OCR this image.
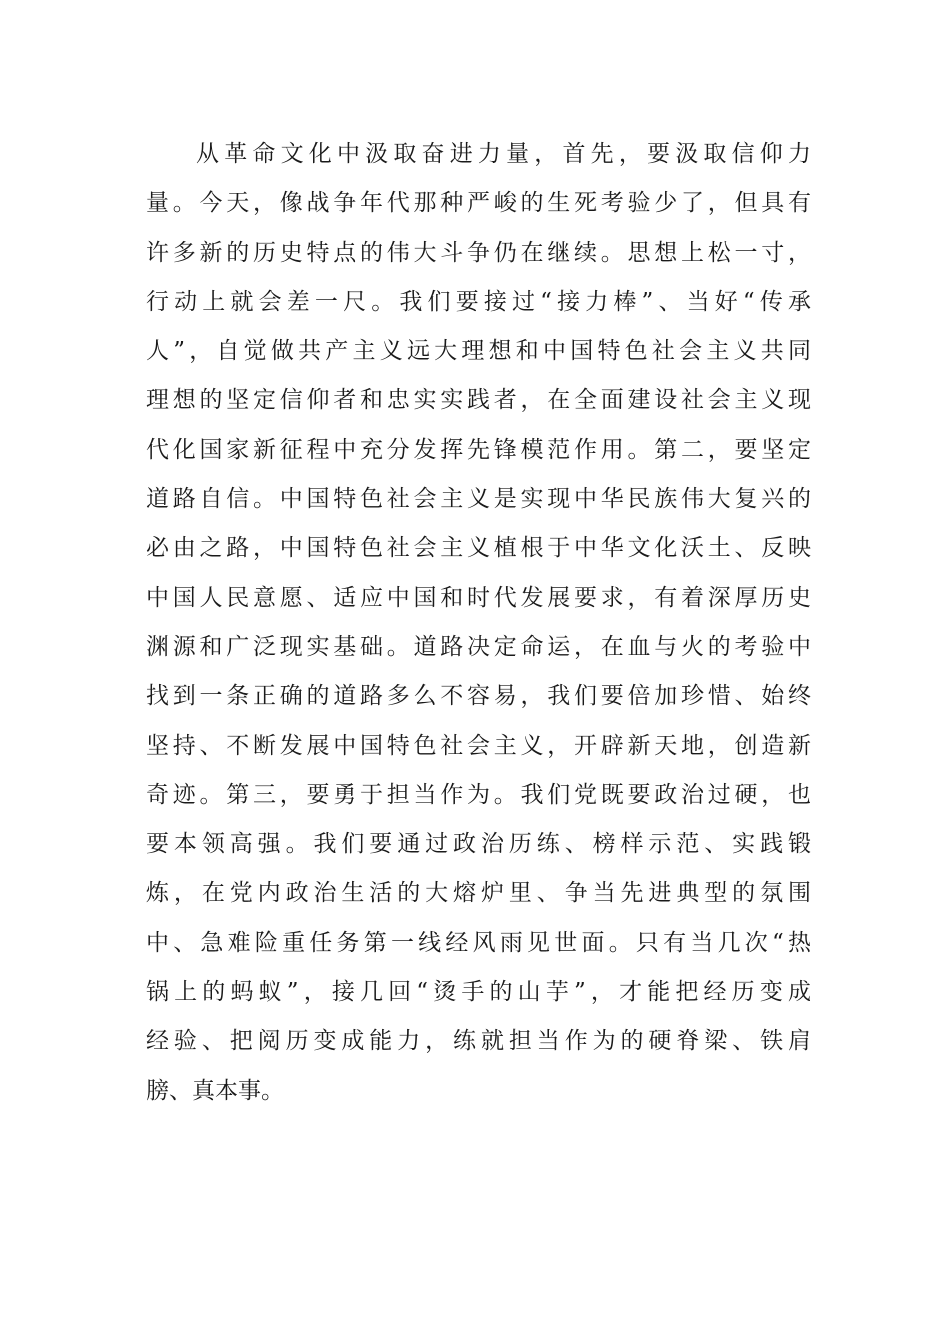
从革命文化中汲取奋进力量，首先，要汲取信仰力
量。今天，像战争年代那种严峻的生死考验少了，但具有
许多新的历史特点的伟大斗争仍在继续。思想上松一寸，
行动上就会差一尺。我们要接过“接力棒”、当好“传承
人”，自觉做共产主义远大理想和中国特色社会主义共同
理想的坚定信仰者和忠实实践者，在全面建设社会主义现
代化国家新征程中充分发挥先锋模范作用。第二，要坚定
道路自信。中国特色社会主义是实现中华民族伟大复兴的
必由之路，中国特色社会主义植根于中华文化沃土、反映
中国人民意愿、适应中国和时代发展要求，有着深厚历史
渊源和广泛现实基础。道路决定命运，在血与火的考验中
找到一条正确的道路多么不容易，我们要倍加珍惜、始终
坚持、不断发展中国特色社会主义，开辟新天地，创造新
奇迹。第三，要勇于担当作为。我们党既要政治过硬，也
要本领高强。我们要通过政治历练、榜样示范、实践锻
炼，在党内政治生活的大熔炉里、争当先进典型的氛围
中、急难险重任务第一线经风雨见世面。只有当几次“热
锅上的蚂蚁”，接几回“烫手的山芋”，才能把经历变成
经验、把阅历变成能力，练就担当作为的硬脊梁、铁肩
膀、真本事。
